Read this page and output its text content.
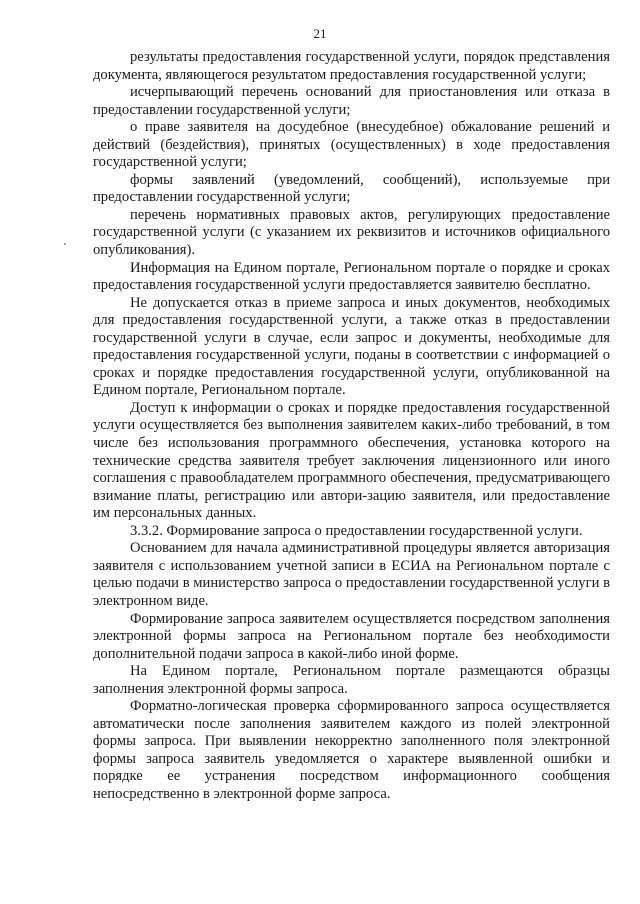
21

результаты предоставления государственной услуги, порядок представления документа, являющегося результатом предоставления государственной услуги;

исчерпывающий перечень оснований для приостановления или отказа в предоставлении государственной услуги;

о праве заявителя на досудебное (внесудебное) обжалование решений и действий (бездействия), принятых (осуществленных) в ходе предоставления государственной услуги;

формы заявлений (уведомлений, сообщений), используемые при предоставлении государственной услуги;

перечень нормативных правовых актов, регулирующих предоставление государственной услуги (с указанием их реквизитов и источников официального опубликования).

Информация на Едином портале, Региональном портале о порядке и сроках предоставления государственной услуги предоставляется заявителю бесплатно.

Не допускается отказ в приеме запроса и иных документов, необходимых для предоставления государственной услуги, а также отказ в предоставлении государственной услуги в случае, если запрос и документы, необходимые для предоставления государственной услуги, поданы в соответствии с информацией о сроках и порядке предоставления государственной услуги, опубликованной на Едином портале, Региональном портале.

Доступ к информации о сроках и порядке предоставления государственной услуги осуществляется без выполнения заявителем каких-либо требований, в том числе без использования программного обеспечения, установка которого на технические средства заявителя требует заключения лицензионного или иного соглашения с правообладателем программного обеспечения, предусматривающего взимание платы, регистрацию или автори-зацию заявителя, или предоставление им персональных данных.

3.3.2. Формирование запроса о предоставлении государственной услуги.

Основанием для начала административной процедуры является авторизация заявителя с использованием учетной записи в ЕСИА на Региональном портале с целью подачи в министерство запроса о предоставлении государственной услуги в электронном виде.

Формирование запроса заявителем осуществляется посредством заполнения электронной формы запроса на Региональном портале без необходимости дополнительной подачи запроса в какой-либо иной форме.

На Едином портале, Региональном портале размещаются образцы заполнения электронной формы запроса.

Форматно-логическая проверка сформированного запроса осуществляется автоматически после заполнения заявителем каждого из полей электронной формы запроса. При выявлении некорректно заполненного поля электронной формы запроса заявитель уведомляется о характере выявленной ошибки и порядке ее устранения посредством информационного сообщения непосредственно в электронной форме запроса.
